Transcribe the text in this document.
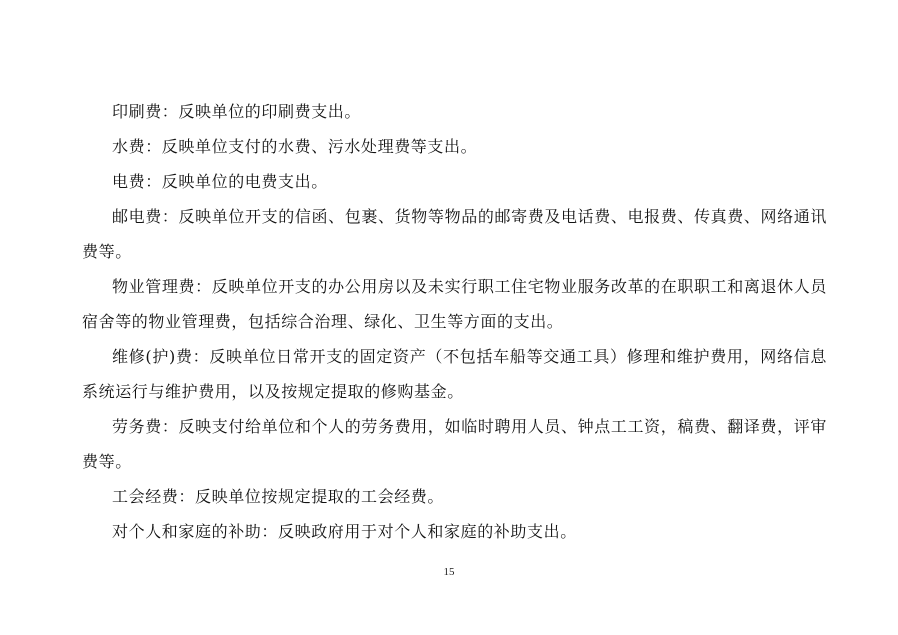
印刷费：反映单位的印刷费支出。

水费：反映单位支付的水费、污水处理费等支出。

电费：反映单位的电费支出。

邮电费：反映单位开支的信函、包裹、货物等物品的邮寄费及电话费、电报费、传真费、网络通讯费等。

物业管理费：反映单位开支的办公用房以及未实行职工住宅物业服务改革的在职职工和离退休人员宿舍等的物业管理费，包括综合治理、绿化、卫生等方面的支出。

维修(护)费：反映单位日常开支的固定资产（不包括车船等交通工具）修理和维护费用，网络信息系统运行与维护费用，以及按规定提取的修购基金。

劳务费：反映支付给单位和个人的劳务费用，如临时聘用人员、钟点工工资，稿费、翻译费，评审费等。

工会经费：反映单位按规定提取的工会经费。

对个人和家庭的补助：反映政府用于对个人和家庭的补助支出。

15
